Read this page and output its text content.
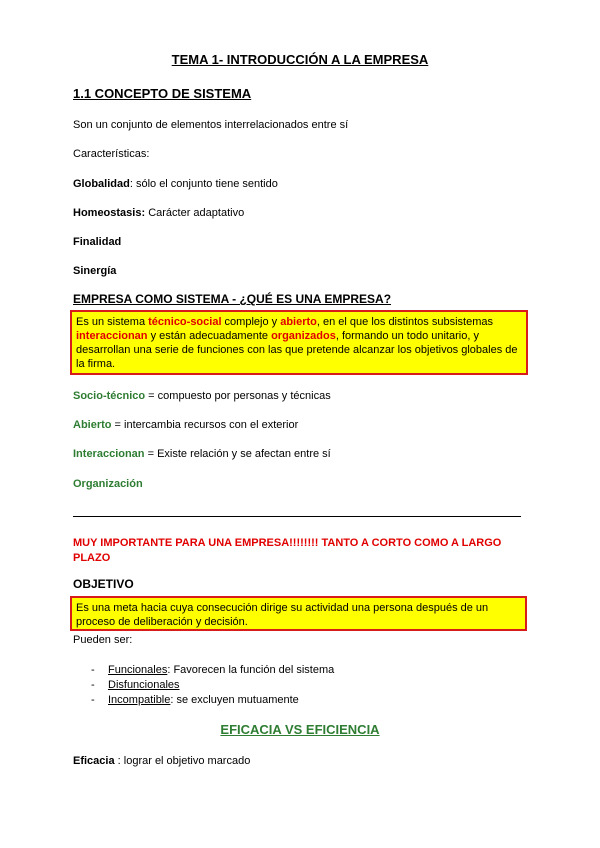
TEMA 1- INTRODUCCIÓN A LA EMPRESA
1.1 CONCEPTO DE SISTEMA
Son un conjunto de elementos interrelacionados entre sí
Características:
Globalidad: sólo el conjunto tiene sentido
Homeostasis: Carácter adaptativo
Finalidad
Sinergía
EMPRESA COMO SISTEMA - ¿QUÉ ES UNA EMPRESA?
Es un sistema técnico-social complejo y abierto, en el que los distintos subsistemas interaccionan y están adecuadamente organizados, formando un todo unitario, y desarrollan una serie de funciones con las que pretende alcanzar los objetivos globales de la firma.
Socio-técnico = compuesto por personas y técnicas
Abierto = intercambia recursos con el exterior
Interaccionan = Existe relación y se afectan entre sí
Organización
MUY IMPORTANTE PARA UNA EMPRESA!!!!!!!! TANTO A CORTO COMO A LARGO
PLAZO
OBJETIVO
Es una meta hacia cuya consecución dirige su actividad una persona después de un proceso de deliberación y decisión.
Pueden ser:
- Funcionales: Favorecen la función del sistema
- Disfuncionales
- Incompatible: se excluyen mutuamente
EFICACIA VS EFICIENCIA
Eficacia : lograr el objetivo marcado
